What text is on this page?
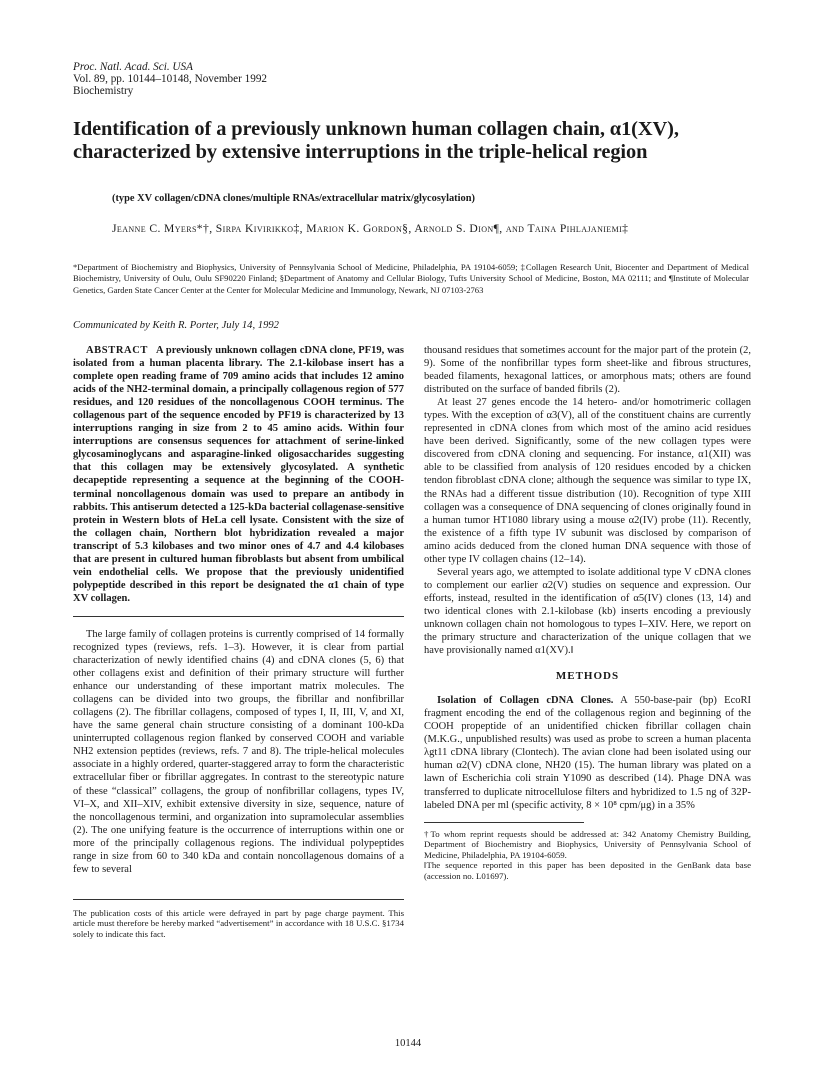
Proc. Natl. Acad. Sci. USA
Vol. 89, pp. 10144–10148, November 1992
Biochemistry
Identification of a previously unknown human collagen chain, α1(XV), characterized by extensive interruptions in the triple-helical region
(type XV collagen/cDNA clones/multiple RNAs/extracellular matrix/glycosylation)
Jeanne C. Myers*†, Sirpa Kivirikko‡, Marion K. Gordon§, Arnold S. Dion¶, and Taina Pihlajaniemi‡
*Department of Biochemistry and Biophysics, University of Pennsylvania School of Medicine, Philadelphia, PA 19104-6059; ‡Collagen Research Unit, Biocenter and Department of Medical Biochemistry, University of Oulu, Oulu SF90220 Finland; §Department of Anatomy and Cellular Biology, Tufts University School of Medicine, Boston, MA 02111; and ¶Institute of Molecular Genetics, Garden State Cancer Center at the Center for Molecular Medicine and Immunology, Newark, NJ 07103-2763
Communicated by Keith R. Porter, July 14, 1992

ABSTRACT A previously unknown collagen cDNA clone, PF19, was isolated from a human placenta library. The 2.1-kilobase insert has a complete open reading frame of 709 amino acids that includes 12 amino acids of the NH2-terminal domain, a principally collagenous region of 577 residues, and 120 residues of the noncollagenous COOH terminus. The collagenous part of the sequence encoded by PF19 is characterized by 13 interruptions ranging in size from 2 to 45 amino acids. Within four interruptions are consensus sequences for attachment of serine-linked glycosaminoglycans and asparagine-linked oligosaccharides suggesting that this collagen may be extensively glycosylated. A synthetic decapeptide representing a sequence at the beginning of the COOH-terminal noncollagenous domain was used to prepare an antibody in rabbits. This antiserum detected a 125-kDa bacterial collagenase-sensitive protein in Western blots of HeLa cell lysate. Consistent with the size of the collagen chain, Northern blot hybridization revealed a major transcript of 5.3 kilobases and two minor ones of 4.7 and 4.4 kilobases that are present in cultured human fibroblasts but absent from umbilical vein endothelial cells. We propose that the previously unidentified polypeptide described in this report be designated the α1 chain of type XV collagen.

The large family of collagen proteins is currently comprised of 14 formally recognized types (reviews, refs. 1–3). However, it is clear from partial characterization of newly identified chains (4) and cDNA clones (5, 6) that other collagens exist and definition of their primary structure will further enhance our understanding of these important matrix molecules. The collagens can be divided into two groups, the fibrillar and nonfibrillar collagens (2). The fibrillar collagens, composed of types I, II, III, V, and XI, have the same general chain structure consisting of a dominant 100-kDa uninterrupted collagenous region flanked by conserved COOH and variable NH2 extension peptides (reviews, refs. 7 and 8). The triple-helical molecules associate in a highly ordered, quarter-staggered array to form the characteristic extracellular fiber or fibrillar aggregates. In contrast to the stereotypic nature of these “classical” collagens, the group of nonfibrillar collagens, types IV, VI–X, and XII–XIV, exhibit extensive diversity in size, sequence, nature of the noncollagenous termini, and organization into supramolecular assemblies (2). The one unifying feature is the occurrence of interruptions within one or more of the principally collagenous regions. The individual polypeptides range in size from 60 to 340 kDa and contain noncollagenous domains of a few to several

The publication costs of this article were defrayed in part by page charge payment. This article must therefore be hereby marked “advertisement” in accordance with 18 U.S.C. §1734 solely to indicate this fact.

thousand residues that sometimes account for the major part of the protein (2, 9). Some of the nonfibrillar types form sheet-like and fibrous structures, beaded filaments, hexagonal lattices, or amorphous mats; others are found distributed on the surface of banded fibrils (2).

At least 27 genes encode the 14 hetero- and/or homotrimeric collagen types. With the exception of α3(V), all of the constituent chains are currently represented in cDNA clones from which most of the amino acid residues have been derived. Significantly, some of the new collagen types were discovered from cDNA cloning and sequencing. For instance, α1(XII) was able to be classified from analysis of 120 residues encoded by a chicken tendon fibroblast cDNA clone; although the sequence was similar to type IX, the RNAs had a different tissue distribution (10). Recognition of type XIII collagen was a consequence of DNA sequencing of clones originally found in a human tumor HT1080 library using a mouse α2(IV) probe (11). Recently, the existence of a fifth type IV subunit was disclosed by comparison of amino acids deduced from the cloned human DNA sequence with those of other type IV collagen chains (12–14).

Several years ago, we attempted to isolate additional type V cDNA clones to complement our earlier α2(V) studies on sequence and expression. Our efforts, instead, resulted in the identification of α5(IV) clones (13, 14) and two identical clones with 2.1-kilobase (kb) inserts encoding a previously unknown collagen chain not homologous to types I–XIV. Here, we report on the primary structure and characterization of the unique collagen that we have provisionally named α1(XV).‖

METHODS

Isolation of Collagen cDNA Clones. A 550-base-pair (bp) EcoRI fragment encoding the end of the collagenous region and beginning of the COOH propeptide of an unidentified chicken fibrillar collagen chain (M.K.G., unpublished results) was used as probe to screen a human placenta λgt11 cDNA library (Clontech). The avian clone had been isolated using our human α2(V) cDNA clone, NH20 (15). The human library was plated on a lawn of Escherichia coli strain Y1090 as described (14). Phage DNA was transferred to duplicate nitrocellulose filters and hybridized to 1.5 ng of 32P-labeled DNA per ml (specific activity, 8 × 10⁸ cpm/μg) in a 35%

†To whom reprint requests should be addressed at: 342 Anatomy Chemistry Building, Department of Biochemistry and Biophysics, University of Pennsylvania School of Medicine, Philadelphia, PA 19104-6059.
‖The sequence reported in this paper has been deposited in the GenBank data base (accession no. L01697).
10144
